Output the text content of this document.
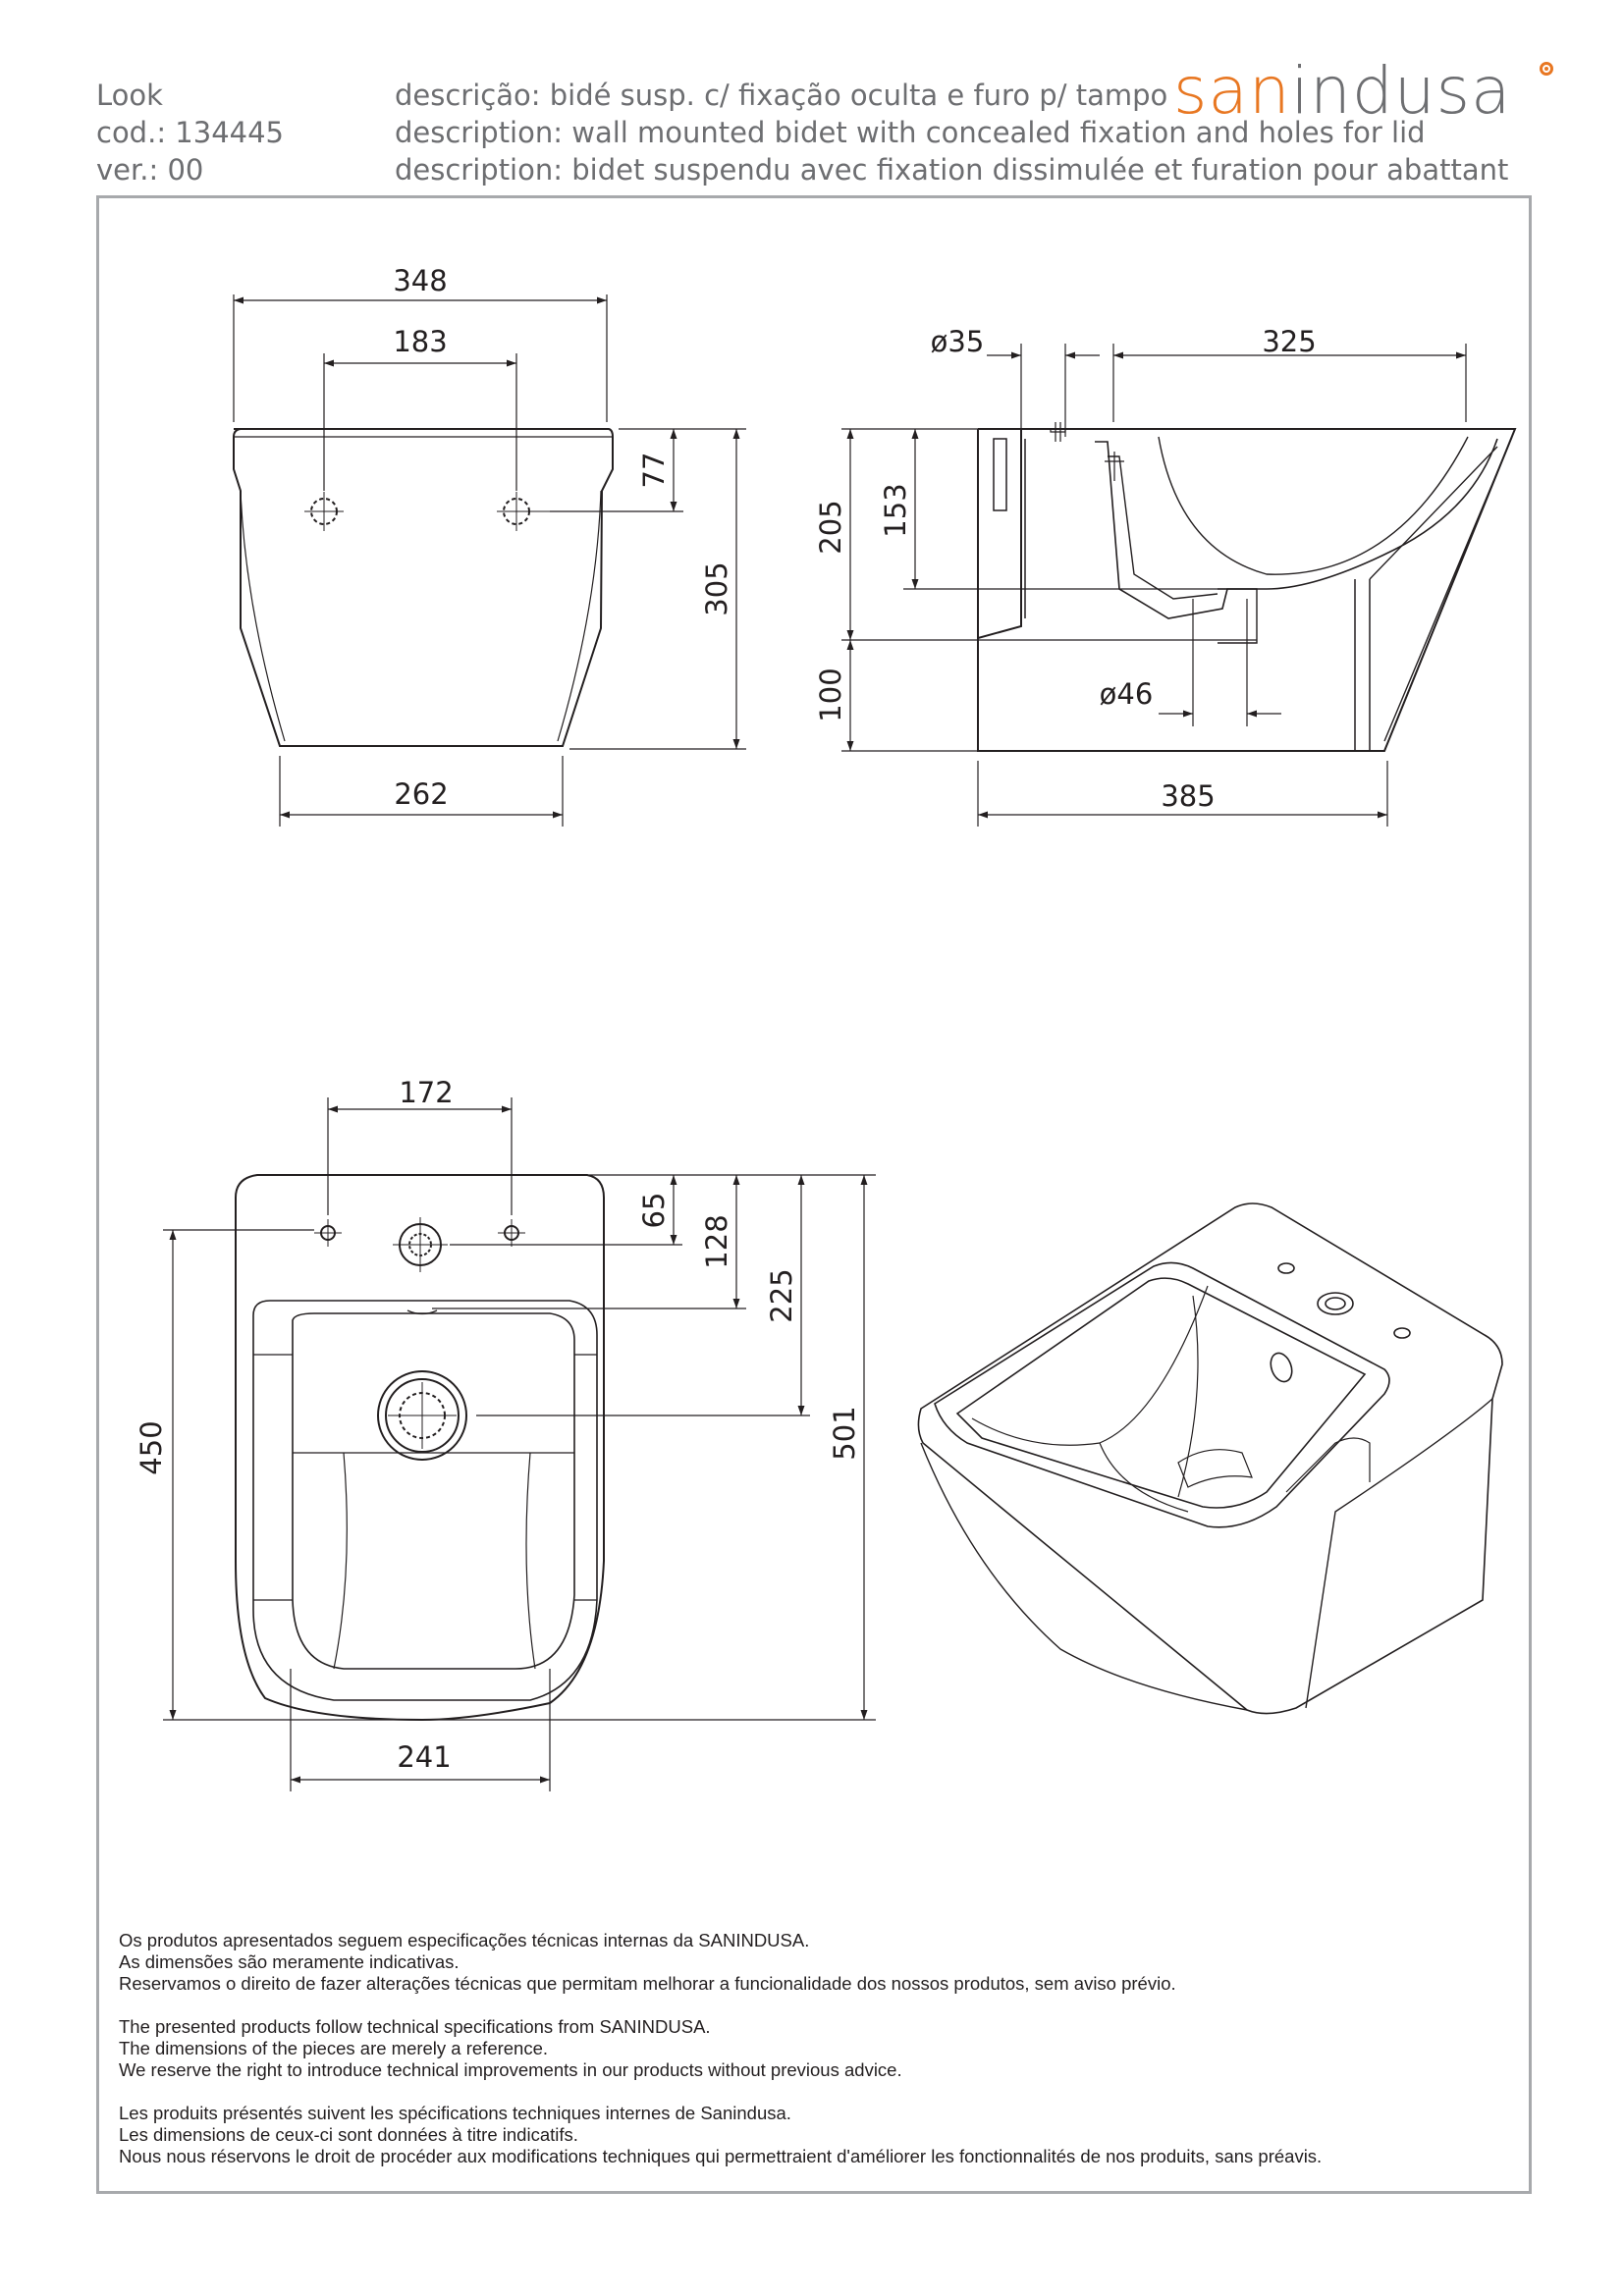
Look
cod.: 134445
ver.: 00
descrição: bidé susp. c/ fixação oculta e furo p/ tampo
description: wall mounted bidet with concealed fixation and holes for lid
description: bidet suspendu avec fixation dissimulée et furation pour abattant
sanindusa
348
183
77
305
262
ø35	325
205 153
100	ø46
385
172
65
128
225
450	501
241

Os produtos apresentados seguem especificações técnicas internas da SANINDUSA.

As dimensões são meramente indicativas.

Reservamos o direito de fazer alterações técnicas que permitam melhorar a funcionalidade dos nossos produtos, sem aviso prévio.

The presented products follow technical specifications from SANINDUSA.

The dimensions of the pieces are merely a reference.

We reserve the right to introduce technical improvements in our products without previous advice.

Les produits présentés suivent les spécifications techniques internes de Sanindusa.

Les dimensions de ceux-ci sont données à titre indicatifs.

Nous nous réservons le droit de procéder aux modifications techniques qui permettraient d'améliorer les fonctionnalités de nos produits, sans préavis.
